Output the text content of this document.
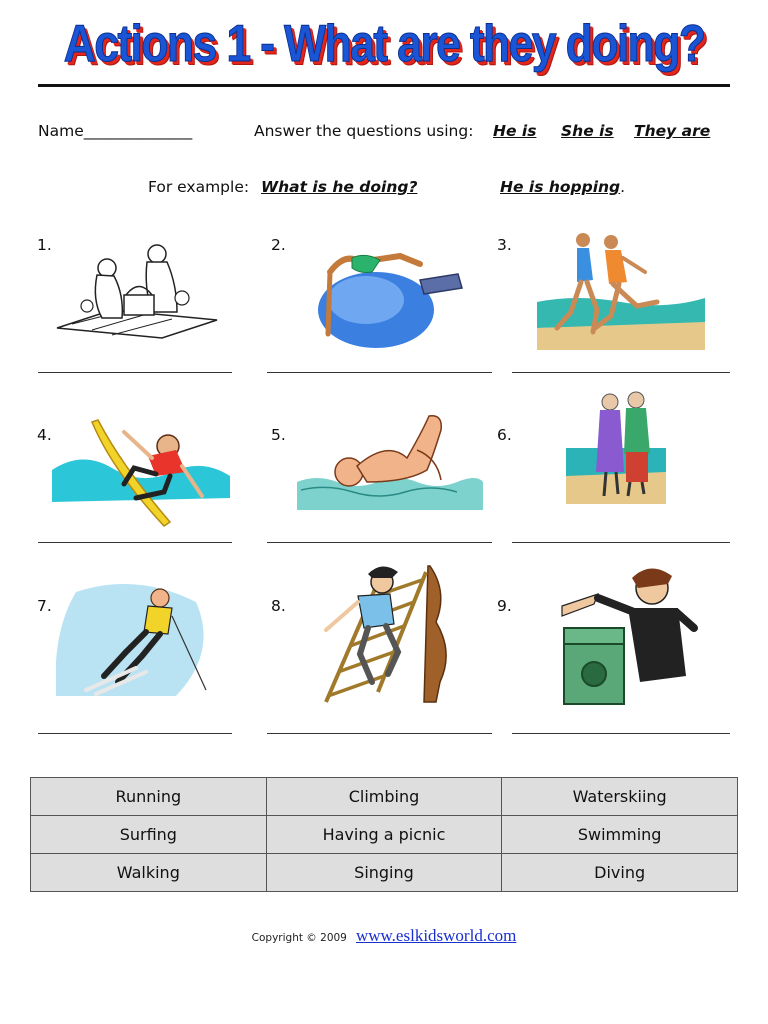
Actions 1 - What are they doing?
Name______________	Answer the questions using: He is She is They are
For example: What is he doing?	He is hopping.
1.	2.	3.
4.	5.	6.
7.	8.	9.
Running	Climbing	Waterskiing
Surfing	Having a picnic	Swimming
Walking	Singing	Diving
Copyright © 2009 www.eslkidsworld.com
